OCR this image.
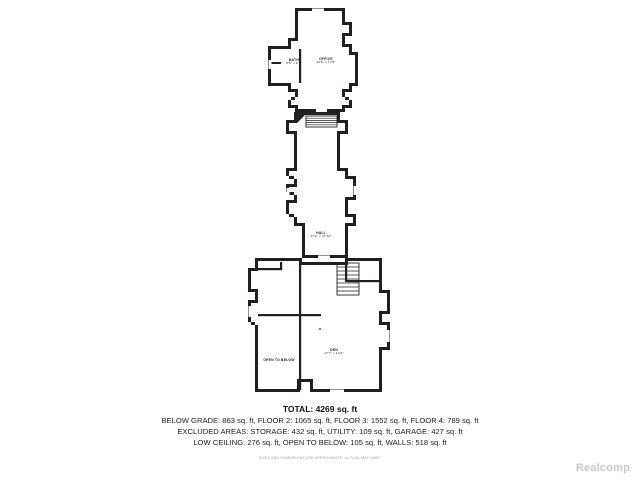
BATH
9'6" x 6'1"
OFFICE
14'6" x 17'5"
HALL
17'2" x 47'10"
DEN
17'7" x 14'2"
OPEN TO BELOW
TOTAL: 4269 sq. ft
BELOW GRADE: 863 sq. ft, FLOOR 2: 1065 sq. ft, FLOOR 3: 1552 sq. ft, FLOOR 4: 789 sq. ft
EXCLUDED AREAS: STORAGE: 432 sq. ft, UTILITY: 109 sq. ft, GARAGE: 427 sq. ft
LOW CEILING: 276 sq. ft, OPEN TO BELOW: 105 sq. ft, WALLS: 518 sq. ft
SIZES AND DIMENSIONS ARE APPROXIMATE, ACTUAL MAY VARY.
Realcomp
